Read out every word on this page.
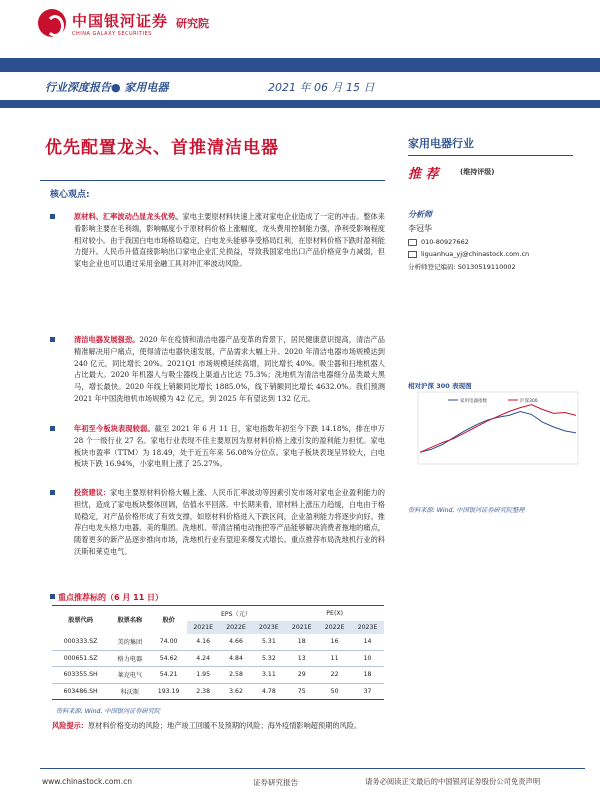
中国银河证券
CHINA GALAXY SECURITIES
研究院
行业深度报告● 家用电器	2021 年 06 月 15 日
优先配置龙头、首推清洁电器	家用电器行业
推 荐	(维持评级)
分析师
李冠华
010-80927662
liguanhua_yj@chinastock.com.cn
分析师登记编码: S0130519110002
相对沪深 300 表现图
家用电器指数	沪深300
资料来源: Wind, 中国银河证券研究院整理
核心观点:
原材料、汇率波动凸显龙头优势。家电主要原材料快速上涨对家电企业造成了一定的冲击。整体来看影响主要在毛利端，影响幅度小于原材料价格上涨幅度，龙头费用控制能力强，净利受影响程度相对较小。由于我国白电市场格局稳定，白电龙头能够享受格局红利，在原材料价格下跌时盈利能力提升。人民币升值直接影响出口家电企业汇兑损益，导致我国家电出口产品价格竞争力减弱，但家电企业也可以通过采用金融工具对冲汇率波动风险。
清洁电器发展强劲。2020 年在疫情和清洁电器产品变革的背景下，居民健康意识提高，清洁产品精准解决用户痛点，使得清洁电器快速发展，产品需求大幅上升。2020 年清洁电器市场规模达到 240 亿元，同比增长 20%。2021Q1 市场规模延续高增，同比增长 40%。吸尘器和扫地机器人占比最大。2020 年机器人与吸尘器线上渠道占比达 75.3%；洗地机为清洁电器细分品类最大黑马，增长最快。2020 年线上销额同比增长 1885.0%，线下销额同比增长 4632.0%。我们预测 2021 年中国洗地机市场规模为 42 亿元，到 2025 年有望达到 132 亿元。
年初至今板块表现较弱。截至 2021 年 6 月 11 日，家电指数年初至今下跌 14.18%，排在申万 28 个一级行业 27 名。家电行业表现不佳主要原因为原材料价格上涨引发的盈利能力担忧。家电板块市盈率（TTM）为 18.49，处于近五年来 56.08%分位点。家电子板块表现呈异较大，白电板块下跌 16.94%，小家电则上涨了 25.27%。
投资建议：家电主要原材料价格大幅上涨、人民币汇率波动等因素引发市场对家电企业盈利能力的担忧，造成了家电板块整体回调，估值水平回落。中长期来看，原材料上涨压力趋缓，白电由于格局稳定，对产品价格形成了有效支撑，如原材料价格进入下跌区间，企业盈利能力将逐步向好。推荐白电龙头格力电器、美的集团。洗地机、带清洁桶电动拖把等产品能够解决消费者拖地的痛点，随着更多的新产品逐步推向市场，洗地机行业有望迎来爆发式增长。重点推荐布局洗地机行业的科沃斯和莱克电气。
重点推荐标的（6 月 11 日）
股票代码	股票名称	股价	EPS（元）			PE(X)		
			2021E	2022E	2023E	2021E	2022E	2023E
000333.SZ	美的集团	74.00	4.16	4.66	5.31	18	16	14
000651.SZ	格力电器	54.62	4.24	4.84	5.32	13	11	10
603355.SH	莱克电气	54.21	1.95	2.58	3.11	29	22	18
603486.SH	科沃斯	193.19	2.38	3.62	4.78	75	50	37
资料来源: Wind, 中国银河证券研究院
风险提示：原材料价格变动的风险；地产竣工回暖不及预期的风险；海外疫情影响超预期的风险。
www.chinastock.com.cn	证券研究报告	请务必阅读正文最后的中国银河证券股份公司免责声明
